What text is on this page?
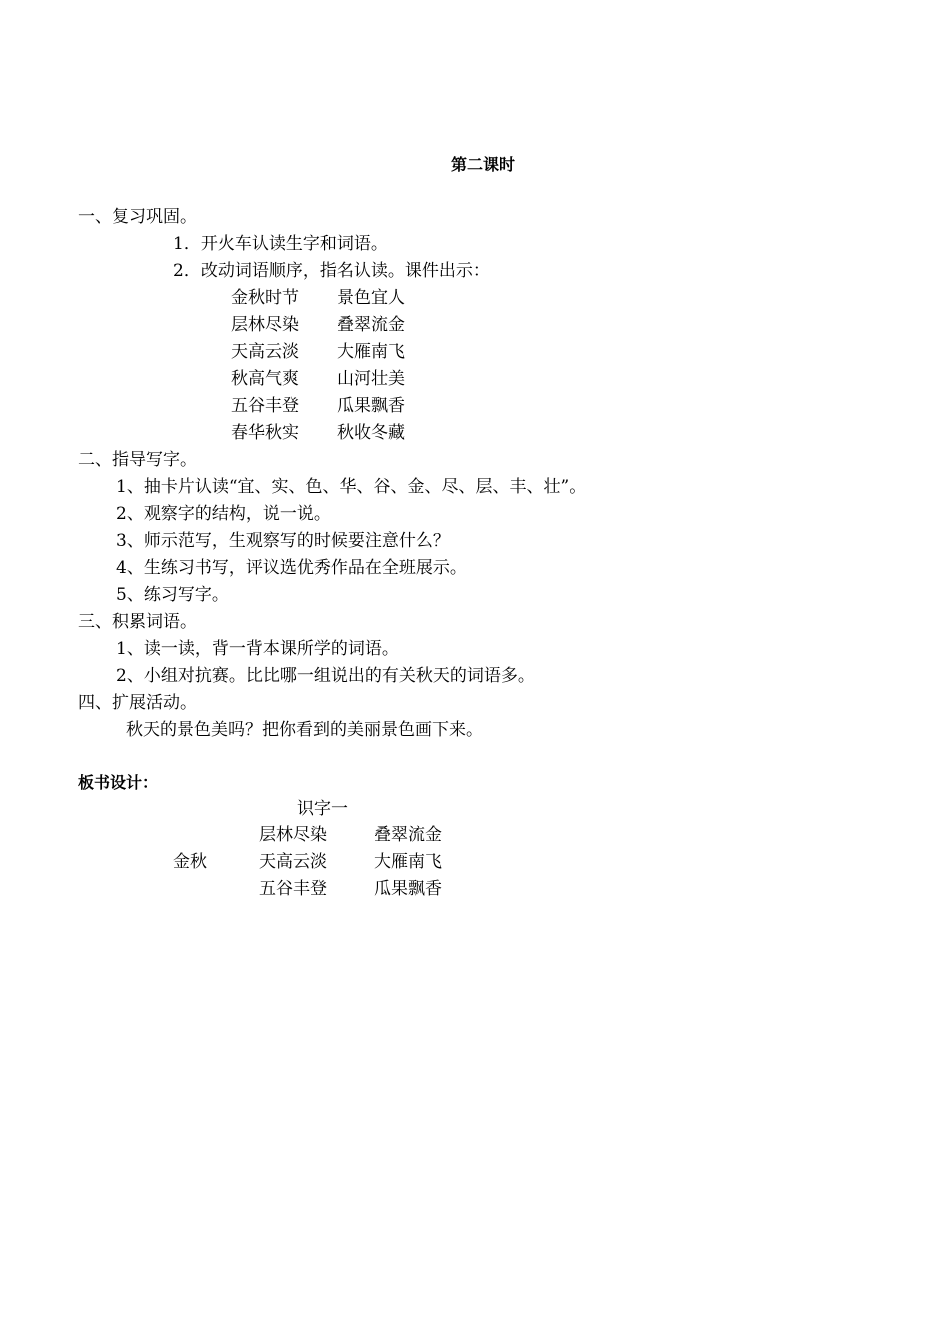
第二课时
一、复习巩固。
1．开火车认读生字和词语。
2．改动词语顺序，指名认读。课件出示：
金秋时节 景色宜人
层林尽染 叠翠流金
天高云淡 大雁南飞
秋高气爽 山河壮美
五谷丰登 瓜果飘香
春华秋实 秋收冬藏
二、指导写字。
1、抽卡片认读“宜、实、色、华、谷、金、尽、层、丰、壮”。
2、观察字的结构，说一说。
3、师示范写，生观察写的时候要注意什么？
4、生练习书写，评议选优秀作品在全班展示。
5、练习写字。
三、积累词语。
1、读一读，背一背本课所学的词语。
2、小组对抗赛。比比哪一组说出的有关秋天的词语多。
四、扩展活动。
秋天的景色美吗？把你看到的美丽景色画下来。
板书设计：
识字一
金秋
层林尽染	叠翠流金
天高云淡	大雁南飞
五谷丰登	瓜果飘香
